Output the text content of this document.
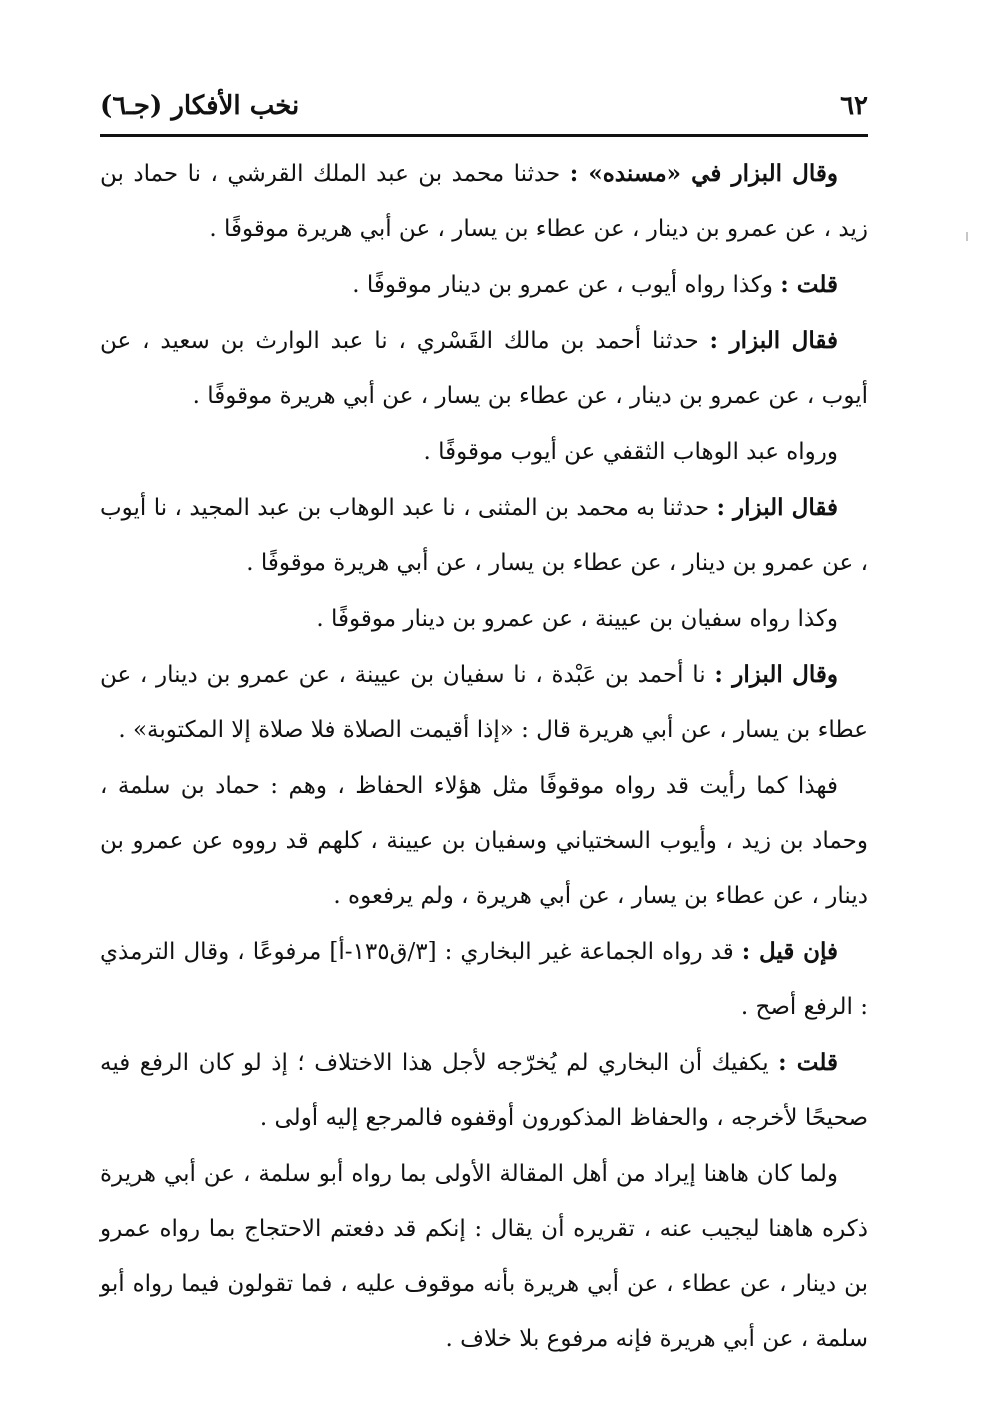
٦٢
نخب الأفكار (جـ٦)

وقال البزار في «مسنده» : حدثنا محمد بن عبد الملك القرشي ، نا حماد بن زيد ، عن عمرو بن دينار ، عن عطاء بن يسار ، عن أبي هريرة موقوفًا .

قلت : وكذا رواه أيوب ، عن عمرو بن دينار موقوفًا .

فقال البزار : حدثنا أحمد بن مالك القَسْري ، نا عبد الوارث بن سعيد ، عن أيوب ، عن عمرو بن دينار ، عن عطاء بن يسار ، عن أبي هريرة موقوفًا .

ورواه عبد الوهاب الثقفي عن أيوب موقوفًا .

فقال البزار : حدثنا به محمد بن المثنى ، نا عبد الوهاب بن عبد المجيد ، نا أيوب ، عن عمرو بن دينار ، عن عطاء بن يسار ، عن أبي هريرة موقوفًا .

وكذا رواه سفيان بن عيينة ، عن عمرو بن دينار موقوفًا .

وقال البزار : نا أحمد بن عَبْدة ، نا سفيان بن عيينة ، عن عمرو بن دينار ، عن عطاء بن يسار ، عن أبي هريرة قال : «إذا أقيمت الصلاة فلا صلاة إلا المكتوبة» .

فهذا كما رأيت قد رواه موقوفًا مثل هؤلاء الحفاظ ، وهم : حماد بن سلمة ، وحماد بن زيد ، وأيوب السختياني وسفيان بن عيينة ، كلهم قد رووه عن عمرو بن دينار ، عن عطاء بن يسار ، عن أبي هريرة ، ولم يرفعوه .

فإن قيل : قد رواه الجماعة غير البخاري : [٣/ق١٣٥-أ] مرفوعًا ، وقال الترمذي : الرفع أصح .

قلت : يكفيك أن البخاري لم يُخرّجه لأجل هذا الاختلاف ؛ إذ لو كان الرفع فيه صحيحًا لأخرجه ، والحفاظ المذكورون أوقفوه فالمرجع إليه أولى .

ولما كان هاهنا إيراد من أهل المقالة الأولى بما رواه أبو سلمة ، عن أبي هريرة ذكره هاهنا ليجيب عنه ، تقريره أن يقال : إنكم قد دفعتم الاحتجاج بما رواه عمرو بن دينار ، عن عطاء ، عن أبي هريرة بأنه موقوف عليه ، فما تقولون فيما رواه أبو سلمة ، عن أبي هريرة فإنه مرفوع بلا خلاف .
